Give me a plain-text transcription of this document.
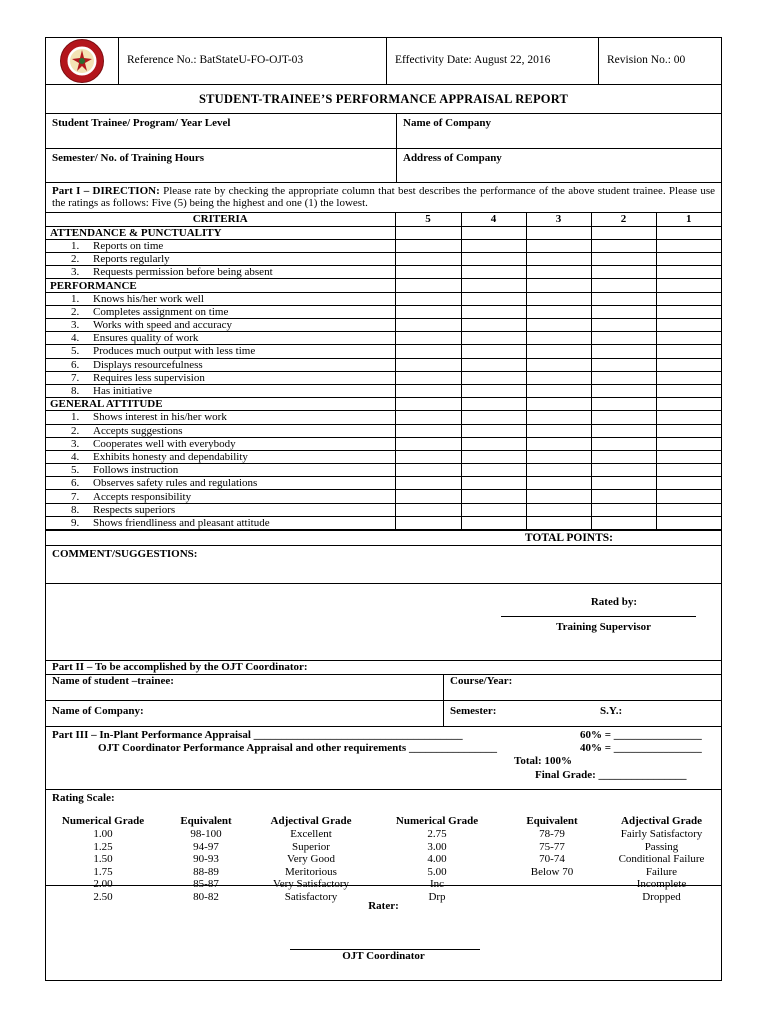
Reference No.: BatStateU-FO-OJT-03	Effectivity Date: August 22, 2016	Revision No.: 00
STUDENT-TRAINEE’S PERFORMANCE APPRAISAL REPORT
Student Trainee/ Program/ Year Level	Name of Company
Semester/ No. of Training Hours	Address of Company
Part I – DIRECTION: Please rate by checking the appropriate column that best describes the performance of the above student trainee. Please use the ratings as follows: Five (5) being the highest and one (1) the lowest.
CRITERIA	5	4	3	2	1
ATTENDANCE & PUNCTUALITY					
1. Reports on time					
2. Reports regularly					
3. Requests permission before being absent					
PERFORMANCE					
1. Knows his/her work well					
2. Completes assignment on time					
3. Works with speed and accuracy					
4. Ensures quality of work					
5. Produces much output with less time					
6. Displays resourcefulness					
7. Requires less supervision					
8. Has initiative					
GENERAL ATTITUDE					
1. Shows interest in his/her work					
2. Accepts suggestions					
3. Cooperates well with everybody					
4. Exhibits honesty and dependability					
5. Follows instruction					
6. Observes safety rules and regulations					
7. Accepts responsibility					
8. Respects superiors					
9. Shows friendliness and pleasant attitude					
TOTAL POINTS:
COMMENT/SUGGESTIONS:
Rated by:
Training Supervisor
Part II – To be accomplished by the OJT Coordinator:
Name of student –trainee:	Course/Year:
Name of Company:	Semester:	S.Y.:
Part III – In-Plant Performance Appraisal ______________________________________	60% = ________________
OJT Coordinator Performance Appraisal and other requirements ________________	40% = ________________
Total: 100%
Final Grade: ________________
Rating Scale:
Numerical Grade	Equivalent	Adjectival Grade	Numerical Grade	Equivalent	Adjectival Grade
1.00	98-100	Excellent	2.75	78-79	Fairly Satisfactory
1.25	94-97	Superior	3.00	75-77	Passing
1.50	90-93	Very Good	4.00	70-74	Conditional Failure
1.75	88-89	Meritorious	5.00	Below 70	Failure
2.00	85-87	Very Satisfactory	Inc		Incomplete
2.50	80-82	Satisfactory	Drp		Dropped
Rater:
OJT Coordinator
